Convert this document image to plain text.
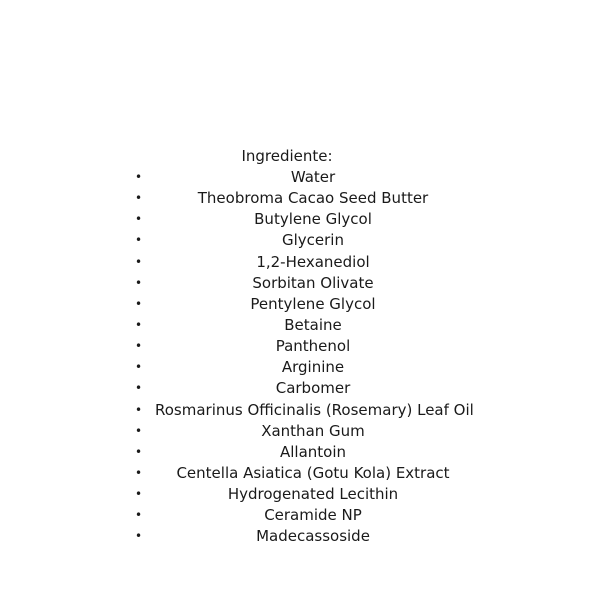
Ingrediente:
•	Water
•	Theobroma Cacao Seed Butter
•	Butylene Glycol
•	Glycerin
•	1,2-Hexanediol
•	Sorbitan Olivate
•	Pentylene Glycol
•	Betaine
•	Panthenol
•	Arginine
•	Carbomer
• Rosmarinus Officinalis (Rosemary) Leaf Oil
•	Xanthan Gum
•	Allantoin
•	Centella Asiatica (Gotu Kola) Extract
•	Hydrogenated Lecithin
•	Ceramide NP
•	Madecassoside
